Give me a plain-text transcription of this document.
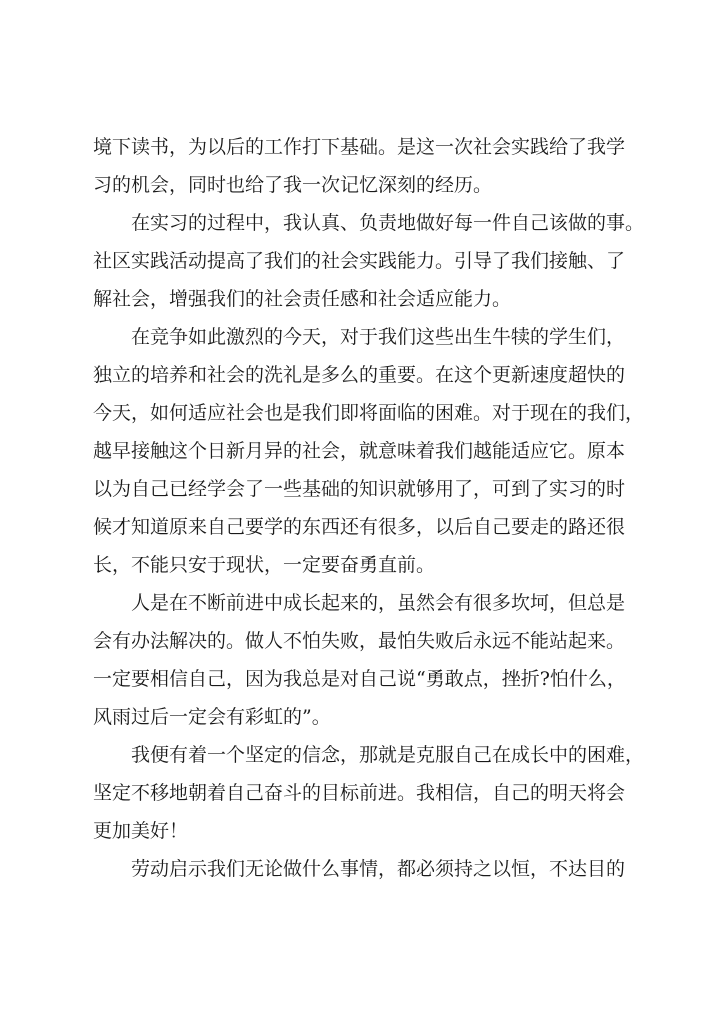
境下读书，为以后的工作打下基础。是这一次社会实践给了我学
习的机会，同时也给了我一次记忆深刻的经历。
在实习的过程中，我认真、负责地做好每一件自己该做的事。
社区实践活动提高了我们的社会实践能力。引导了我们接触、了
解社会，增强我们的社会责任感和社会适应能力。
在竞争如此激烈的今天，对于我们这些出生牛犊的学生们，
独立的培养和社会的洗礼是多么的重要。在这个更新速度超快的
今天，如何适应社会也是我们即将面临的困难。对于现在的我们，
越早接触这个日新月异的社会，就意味着我们越能适应它。原本
以为自己已经学会了一些基础的知识就够用了，可到了实习的时
候才知道原来自己要学的东西还有很多，以后自己要走的路还很
长，不能只安于现状，一定要奋勇直前。
人是在不断前进中成长起来的，虽然会有很多坎坷，但总是
会有办法解决的。做人不怕失败，最怕失败后永远不能站起来。
一定要相信自己，因为我总是对自己说“勇敢点，挫折?怕什么，
风雨过后一定会有彩虹的”。
我便有着一个坚定的信念，那就是克服自己在成长中的困难，
坚定不移地朝着自己奋斗的目标前进。我相信，自己的明天将会
更加美好！
劳动启示我们无论做什么事情，都必须持之以恒，不达目的
